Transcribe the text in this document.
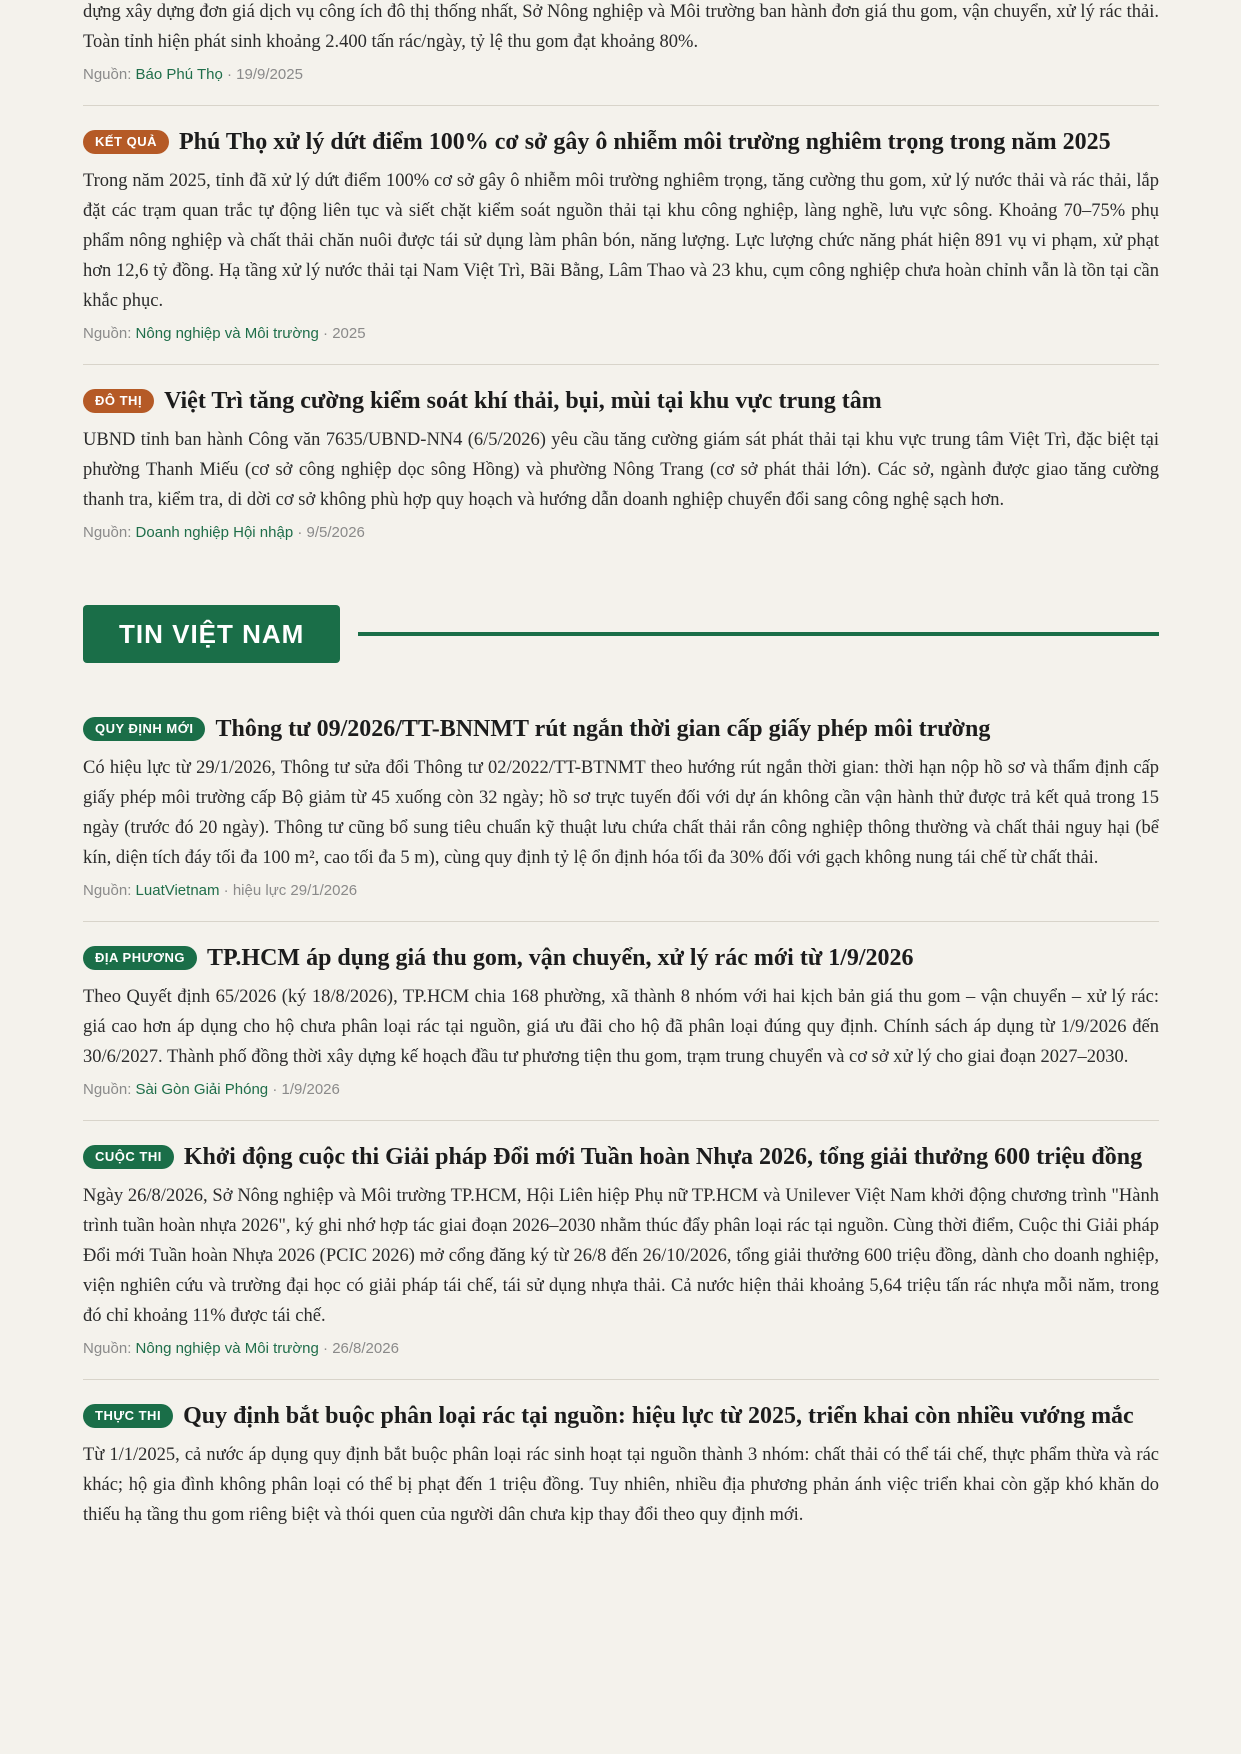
dựng xây dựng đơn giá dịch vụ công ích đô thị thống nhất, Sở Nông nghiệp và Môi trường ban hành đơn giá thu gom, vận chuyển, xử lý rác thải. Toàn tỉnh hiện phát sinh khoảng 2.400 tấn rác/ngày, tỷ lệ thu gom đạt khoảng 80%.

Nguồn: Báo Phú Thọ · 19/9/2025
KẾT QUẢ Phú Thọ xử lý dứt điểm 100% cơ sở gây ô nhiễm môi trường nghiêm trọng trong năm 2025

Trong năm 2025, tỉnh đã xử lý dứt điểm 100% cơ sở gây ô nhiễm môi trường nghiêm trọng, tăng cường thu gom, xử lý nước thải và rác thải, lắp đặt các trạm quan trắc tự động liên tục và siết chặt kiểm soát nguồn thải tại khu công nghiệp, làng nghề, lưu vực sông. Khoảng 70–75% phụ phẩm nông nghiệp và chất thải chăn nuôi được tái sử dụng làm phân bón, năng lượng. Lực lượng chức năng phát hiện 891 vụ vi phạm, xử phạt hơn 12,6 tỷ đồng. Hạ tầng xử lý nước thải tại Nam Việt Trì, Bãi Bằng, Lâm Thao và 23 khu, cụm công nghiệp chưa hoàn chỉnh vẫn là tồn tại cần khắc phục.

Nguồn: Nông nghiệp và Môi trường · 2025
ĐÔ THỊ Việt Trì tăng cường kiểm soát khí thải, bụi, mùi tại khu vực trung tâm

UBND tỉnh ban hành Công văn 7635/UBND-NN4 (6/5/2026) yêu cầu tăng cường giám sát phát thải tại khu vực trung tâm Việt Trì, đặc biệt tại phường Thanh Miếu (cơ sở công nghiệp dọc sông Hồng) và phường Nông Trang (cơ sở phát thải lớn). Các sở, ngành được giao tăng cường thanh tra, kiểm tra, di dời cơ sở không phù hợp quy hoạch và hướng dẫn doanh nghiệp chuyển đổi sang công nghệ sạch hơn.

Nguồn: Doanh nghiệp Hội nhập · 9/5/2026
TIN VIỆT NAM
QUY ĐỊNH MỚI Thông tư 09/2026/TT-BNNMT rút ngắn thời gian cấp giấy phép môi trường

Có hiệu lực từ 29/1/2026, Thông tư sửa đổi Thông tư 02/2022/TT-BTNMT theo hướng rút ngắn thời gian: thời hạn nộp hồ sơ và thẩm định cấp giấy phép môi trường cấp Bộ giảm từ 45 xuống còn 32 ngày; hồ sơ trực tuyến đối với dự án không cần vận hành thử được trả kết quả trong 15 ngày (trước đó 20 ngày). Thông tư cũng bổ sung tiêu chuẩn kỹ thuật lưu chứa chất thải rắn công nghiệp thông thường và chất thải nguy hại (bể kín, diện tích đáy tối đa 100 m², cao tối đa 5 m), cùng quy định tỷ lệ ổn định hóa tối đa 30% đối với gạch không nung tái chế từ chất thải.

Nguồn: LuatVietnam · hiệu lực 29/1/2026
ĐỊA PHƯƠNG TP.HCM áp dụng giá thu gom, vận chuyển, xử lý rác mới từ 1/9/2026

Theo Quyết định 65/2026 (ký 18/8/2026), TP.HCM chia 168 phường, xã thành 8 nhóm với hai kịch bản giá thu gom – vận chuyển – xử lý rác: giá cao hơn áp dụng cho hộ chưa phân loại rác tại nguồn, giá ưu đãi cho hộ đã phân loại đúng quy định. Chính sách áp dụng từ 1/9/2026 đến 30/6/2027. Thành phố đồng thời xây dựng kế hoạch đầu tư phương tiện thu gom, trạm trung chuyển và cơ sở xử lý cho giai đoạn 2027–2030.

Nguồn: Sài Gòn Giải Phóng · 1/9/2026
CUỘC THI Khởi động cuộc thi Giải pháp Đổi mới Tuần hoàn Nhựa 2026, tổng giải thưởng 600 triệu đồng

Ngày 26/8/2026, Sở Nông nghiệp và Môi trường TP.HCM, Hội Liên hiệp Phụ nữ TP.HCM và Unilever Việt Nam khởi động chương trình "Hành trình tuần hoàn nhựa 2026", ký ghi nhớ hợp tác giai đoạn 2026–2030 nhằm thúc đẩy phân loại rác tại nguồn. Cùng thời điểm, Cuộc thi Giải pháp Đổi mới Tuần hoàn Nhựa 2026 (PCIC 2026) mở cổng đăng ký từ 26/8 đến 26/10/2026, tổng giải thưởng 600 triệu đồng, dành cho doanh nghiệp, viện nghiên cứu và trường đại học có giải pháp tái chế, tái sử dụng nhựa thải. Cả nước hiện thải khoảng 5,64 triệu tấn rác nhựa mỗi năm, trong đó chỉ khoảng 11% được tái chế.

Nguồn: Nông nghiệp và Môi trường · 26/8/2026
THỰC THI Quy định bắt buộc phân loại rác tại nguồn: hiệu lực từ 2025, triển khai còn nhiều vướng mắc

Từ 1/1/2025, cả nước áp dụng quy định bắt buộc phân loại rác sinh hoạt tại nguồn thành 3 nhóm: chất thải có thể tái chế, thực phẩm thừa và rác khác; hộ gia đình không phân loại có thể bị phạt đến 1 triệu đồng. Tuy nhiên, nhiều địa phương phản ánh việc triển khai còn gặp khó khăn do thiếu hạ tầng thu gom riêng biệt và thói quen của người dân chưa kịp thay đổi theo quy định mới.
